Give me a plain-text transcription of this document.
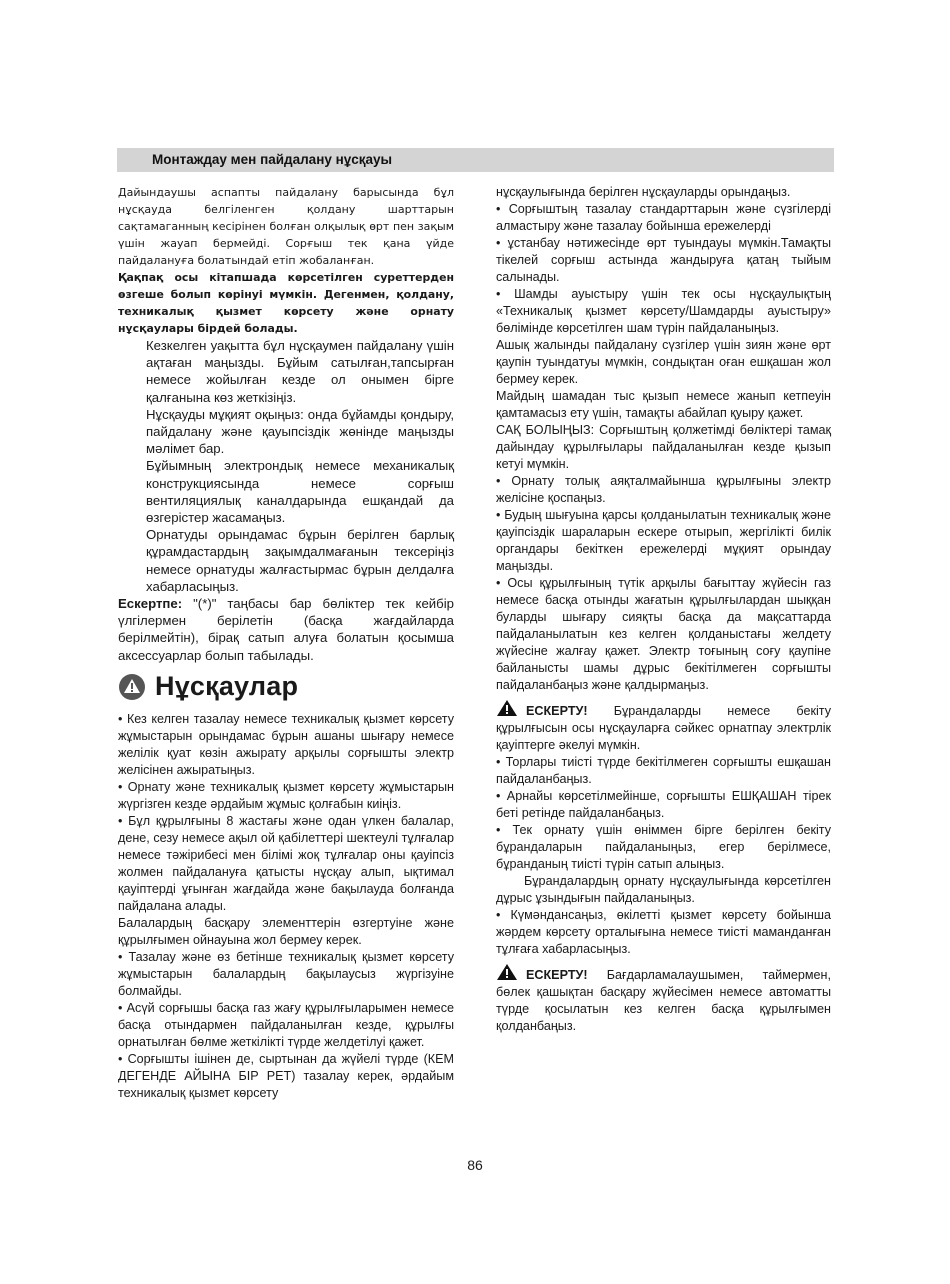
Монтаждау мен пайдалану нұсқауы

Дайындаушы аспапты пайдалану барысында бұл нұсқауда белгіленген қолдану шарттарын сақтамаганның кесірінен болған олқылық өрт пен зақым үшін жауап бермейді. Сорғыш тек қана үйде пайдалануға болатындай етіп жобаланған.

Қақпақ осы кітапшада көрсетілген суреттерден өзгеше болып көрінуі мүмкін. Дегенмен, қолдану, техникалық қызмет көрсету және орнату нұсқаулары бірдей болады.

Кезкелген уақытта бұл нұсқаумен пайдалану үшін ақтаған маңызды. Бұйым сатылған,тапсырған немесе жойылған кезде ол онымен бірге қалғанына көз жеткізіңіз.

Нұсқауды мұқият оқыңыз: онда бұйамды қондыру, пайдалану және қауыпсіздік жөнінде маңызды мәлімет бар.

Бұйымның электрондық немесе механикалық конструкциясында немесе сорғыш вентиляциялық каналдарында ешқандай да өзгерістер жасамаңыз.

Орнатуды орындамас бұрын берілген барлық құрамдастардың зақымдалмағанын тексеріңіз немесе орнатуды жалғастырмас бұрын делдалға хабарласыңыз.

Ескертпе: "(*)" таңбасы бар бөліктер тек кейбір үлгілермен берілетін (басқа жағдайларда берілмейтін), бірақ сатып алуға болатын қосымша аксессуарлар болып табылады.

Нұсқаулар

• Кез келген тазалау немесе техникалық қызмет көрсету жұмыстарын орындамас бұрын ашаны шығару немесе желілік қуат көзін ажырату арқылы сорғышты электр желісінен ажыратыңыз.

• Орнату және техникалық қызмет көрсету жұмыстарын жүргізген кезде әрдайым жұмыс қолғабын киіңіз.

• Бұл құрылғыны 8 жастағы және одан үлкен балалар, дене, сезу немесе ақыл ой қабілеттері шектеулі тұлғалар немесе тәжірибесі мен білімі жоқ тұлғалар оны қауіпсіз жолмен пайдалануға қатысты нұсқау алып, ықтимал қауіптерді ұғынған жағдайда және бақылауда болғанда пайдалана алады.

Балалардың басқару элементтерін өзгертуіне және құрылғымен ойнауына жол бермеу керек.

• Тазалау және өз бетінше техникалық қызмет көрсету жұмыстарын балалардың бақылаусыз жүргізуіне болмайды.

• Асүй сорғышы басқа газ жағу құрылғыларымен немесе басқа отындармен пайдаланылған кезде, құрылғы орнатылған бөлме жеткілікті түрде желдетілуі қажет.

• Сорғышты ішінен де, сыртынан да жүйелі түрде (КЕМ ДЕГЕНДЕ АЙЫНА БІР РЕТ) тазалау керек, әрдайым техникалық қызмет көрсету

нұсқаулығында берілген нұсқауларды орындаңыз.

• Сорғыштың тазалау стандарттарын және сүзгілерді алмастыру және тазалау бойынша ережелерді

• ұстанбау нәтижесінде өрт туындауы мүмкін.Тамақты тікелей сорғыш астында жандыруға қатаң тыйым салынады.

• Шамды ауыстыру үшін тек осы нұсқаулықтың «Техникалық қызмет көрсету/Шамдарды ауыстыру» бөлімінде көрсетілген шам түрін пайдаланыңыз.

Ашық жалынды пайдалану сүзгілер үшін зиян және өрт қаупін туындатуы мүмкін, сондықтан оған ешқашан жол бермеу керек.

Майдың шамадан тыс қызып немесе жанып кетпеуін қамтамасыз ету үшін, тамақты абайлап қуыру қажет.

САҚ БОЛЫҢЫЗ: Сорғыштың қолжетімді бөліктері тамақ дайындау құрылғылары пайдаланылған кезде қызып кетуі мүмкін.

• Орнату толық аяқталмайынша құрылғыны электр желісіне қоспаңыз.

• Будың шығуына қарсы қолданылатын техникалық және қауіпсіздік шараларын ескере отырып, жергілікті билік органдары бекіткен ережелерді мұқият орындау маңызды.

• Осы құрылғының түтік арқылы бағыттау жүйесін газ немесе басқа отынды жағатын құрылғылардан шыққан буларды шығару сияқты басқа да мақсаттарда пайдаланылатын кез келген қолданыстағы желдету жүйесіне жалғау қажет. Электр тоғының соғу қаупіне байланысты шамы дұрыс бекітілмеген сорғышты пайдаланбаңыз және қалдырмаңыз.

ЕСКЕРТУ! Бұрандаларды немесе бекіту құрылғысын осы нұсқауларға сәйкес орнатпау электрлік қауіптерге әкелуі мүмкін.

• Торлары тиісті түрде бекітілмеген сорғышты ешқашан пайдаланбаңыз.

• Арнайы көрсетілмейінше, сорғышты ЕШҚАШАН тірек беті ретінде пайдаланбаңыз.

• Тек орнату үшін өніммен бірге берілген бекіту бұрандаларын пайдаланыңыз, егер берілмесе, бұранданың тиісті түрін сатып алыңыз.

Бұрандалардың орнату нұсқаулығында көрсетілген дұрыс ұзындығын пайдаланыңыз.

• Күмәндансаңыз, өкілетті қызмет көрсету бойынша жәрдем көрсету орталығына немесе тиісті маманданған тұлғаға хабарласыңыз.

ЕСКЕРТУ! Бағдарламалаушымен, таймермен, бөлек қашықтан басқару жүйесімен немесе автоматты түрде қосылатын кез келген басқа құрылғымен қолданбаңыз.

86
